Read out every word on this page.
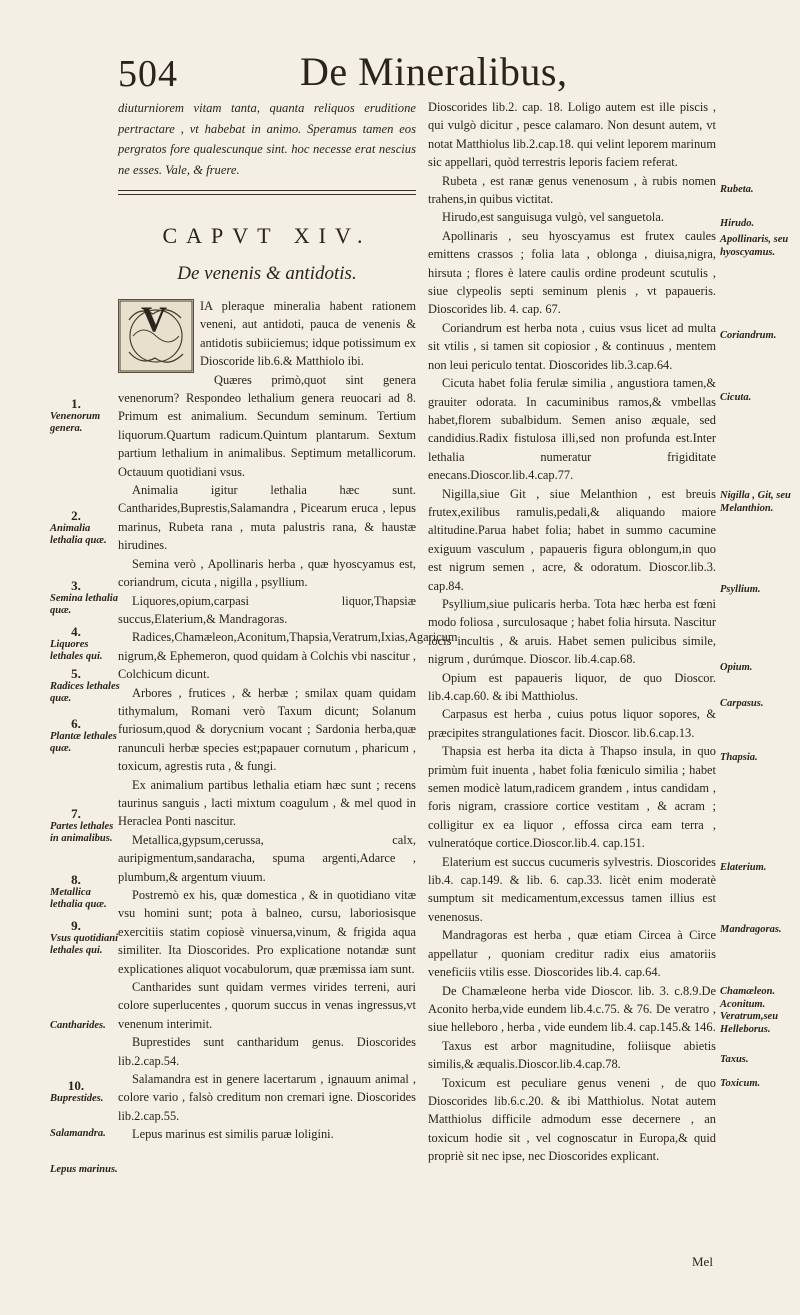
504	De Mineralibus,

diuturniorem vitam tanta, quanta reliquos eruditione pertractare , vt habebat in animo. Speramus tamen eos pergratos fore qualescunque sint. hoc necesse erat nescius ne esses. Vale, & fruere.

CAPVT XIV.
De venenis & antidotis.

V	IA pleraque mineralia habent rationem veneni, aut antidoti, pauca de venenis & antidotis subiiciemus; idque potissimum ex Dioscoride lib.6.& Matthiolo ibi.

Quæres primò,quot sint genera venenorum? Respondeo lethalium genera reuocari ad 8. Primum est animalium. Secundum seminum. Tertium liquorum.Quartum radicum.Quintum plantarum. Sextum partium lethalium in animalibus. Septimum metallicorum. Octauum quotidiani vsus.

Animalia igitur lethalia hæc sunt. Cantharides,Buprestis,Salamandra , Picearum eruca , lepus marinus, Rubeta rana , muta palustris rana, & haustæ hirudines.

Semina verò , Apollinaris herba , quæ hyoscyamus est, coriandrum, cicuta , nigilla , psyllium.

Liquores,opium,carpasi liquor,Thapsiæ succus,Elaterium,& Mandragoras.

Radices,Chamæleon,Aconitum,Thapsia,Veratrum,Ixias,Agaricum nigrum,& Ephemeron, quod quidam à Colchis vbi nascitur , Colchicum dicunt.

Arbores , frutices , & herbæ ; smilax quam quidam tithymalum, Romani verò Taxum dicunt; Solanum furiosum,quod & dorycnium vocant ; Sardonia herba,quæ ranunculi herbæ species est;papauer cornutum , pharicum , toxicum, agrestis ruta , & fungi.

Ex animalium partibus lethalia etiam hæc sunt ; recens taurinus sanguis , lacti mixtum coagulum , & mel quod in Heraclea Ponti nascitur.

Metallica,gypsum,cerussa, calx, auripigmentum,sandaracha, spuma argenti,Adarce , plumbum,& argentum viuum.

Postremò ex his, quæ domestica , & in quotidiano vitæ vsu homini sunt; pota à balneo, cursu, laboriosisque exercitiis statim copiosè vinuersa,vinum, & frigida aqua similiter. Ita Dioscorides. Pro explicatione notandæ sunt explicationes aliquot vocabulorum, quæ præmissa iam sunt.

Cantharides sunt quidam vermes virides terreni, auri colore superlucentes , quorum succus in venas ingressus,vt venenum interimit.

Buprestides sunt cantharidum genus. Dioscorides lib.2.cap.54.

Salamandra est in genere lacertarum , ignauum animal , colore vario , falsò creditum non cremari igne. Dioscorides lib.2.cap.55.

Lepus marinus est similis paruæ loligini.

1.
Venenorum genera.
2.
Animalia lethalia quæ.
3.
Semina lethalia quæ.
4.
Liquores lethales qui.
5.
Radices lethales quæ.
6.
Plantæ lethales quæ.
7.
Partes lethales in animalibus.
8.
Metallica lethalia quæ.
9.
Vsus quotidiani lethales qui.
Cantharides.
10.
Buprestides.
Salamandra.
Lepus marinus.

Dioscorides lib.2. cap. 18. Loligo autem est ille piscis , qui vulgò dicitur , pesce calamaro. Non desunt autem, vt notat Matthiolus lib.2.cap.18. qui velint leporem marinum sic appellari, quòd terrestris leporis faciem referat.

Rubeta , est ranæ genus venenosum , à rubis nomen trahens,in quibus victitat.

Hirudo,est sanguisuga vulgò, vel sanguetola.

Apollinaris , seu hyoscyamus est frutex caules emittens crassos ; folia lata , oblonga , diuisa,nigra, hirsuta ; flores è latere caulis ordine prodeunt scutulis , siue clypeolis septi seminum plenis , vt papaueris. Dioscorides lib. 4. cap. 67.

Coriandrum est herba nota , cuius vsus licet ad multa sit vtilis , si tamen sit copiosior , & continuus , mentem non leui periculo tentat. Dioscorides lib.3.cap.64.

Cicuta habet folia ferulæ similia , angustiora tamen,& grauiter odorata. In cacuminibus ramos,& vmbellas habet,florem subalbidum. Semen aniso æquale, sed candidius.Radix fistulosa illi,sed non profunda est.Inter lethalia numeratur frigiditate enecans.Dioscor.lib.4.cap.77.

Nigilla,siue Git , siue Melanthion , est breuis frutex,exilibus ramulis,pedali,& aliquando maiore altitudine.Parua habet folia; habet in summo cacumine exiguum vasculum , papaueris figura oblongum,in quo est nigrum semen , acre, & odoratum. Dioscor.lib.3. cap.84.

Psyllium,siue pulicaris herba. Tota hæc herba est fœni modo foliosa , surculosaque ; habet folia hirsuta. Nascitur locis incultis , & aruis. Habet semen pulicibus simile, nigrum , durúmque. Dioscor. lib.4.cap.68.

Opium est papaueris liquor, de quo Dioscor. lib.4.cap.60. & ibi Matthiolus.

Carpasus est herba , cuius potus liquor sopores, & præcipites strangulationes facit. Dioscor. lib.6.cap.13.

Thapsia est herba ita dicta à Thapso insula, in quo primùm fuit inuenta , habet folia fœniculo similia ; habet semen modicè latum,radicem grandem , intus candidam , foris nigram, crassiore cortice vestitam , & acram ; colligitur ex ea liquor , effossa circa eam terra , vulneratóque cortice.Dioscor.lib.4. cap.151.

Elaterium est succus cucumeris sylvestris. Dioscorides lib.4. cap.149. & lib. 6. cap.33. licèt enim moderatè sumptum sit medicamentum,excessus tamen illius est venenosus.

Mandragoras est herba , quæ etiam Circea à Circe appellatur , quoniam creditur radix eius amatoriis veneficiis vtilis esse. Dioscorides lib.4. cap.64.

De Chamæleone herba vide Dioscor. lib. 3. c.8.9.De Aconito herba,vide eundem lib.4.c.75. & 76. De veratro , siue helleboro , herba , vide eundem lib.4. cap.145.& 146.

Taxus est arbor magnitudine, foliisque abietis similis,& æqualis.Dioscor.lib.4.cap.78.

Toxicum est peculiare genus veneni , de quo Dioscorides lib.6.c.20. & ibi Matthiolus. Notat autem Matthiolus difficile admodum esse decernere , an toxicum hodie sit , vel cognoscatur in Europa,& quid propriè sit nec ipse, nec Dioscorides explicant.

Rubeta.
Hirudo.
Apollinaris, seu hyoscyamus.
Coriandrum.
Cicuta.
Nigilla , Git, seu Melanthion.
Psyllium.
Opium.
Carpasus.
Thapsia.
Elaterium.
Mandragoras.
Chamæleon. Aconitum. Veratrum,seu Helleborus.
Taxus.
Toxicum.
Mel
